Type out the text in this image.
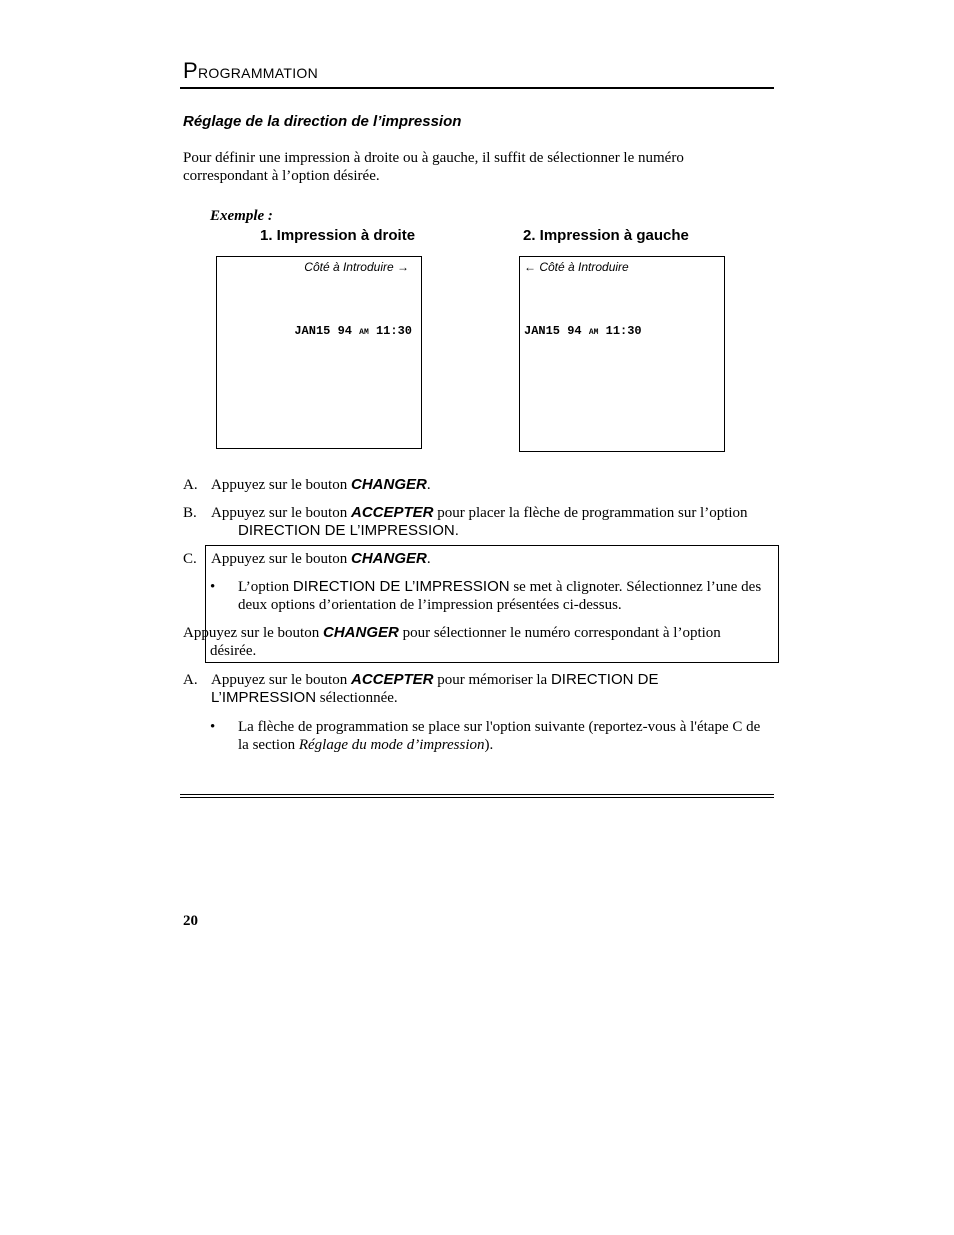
PROGRAMMATION
Réglage de la direction de l’impression
Pour définir une impression à droite ou à gauche, il suffit de sélectionner le numéro correspondant à l’option désirée.
Exemple :
1. Impression à droite	2. Impression à gauche
Côté à Introduire →
JAN15 94 AM 11:30
← Côté à Introduire
JAN15 94 AM 11:30
A. Appuyez sur le bouton CHANGER.
B. Appuyez sur le bouton ACCEPTER pour placer la flèche de programmation sur l’option
DIRECTION DE L’IMPRESSION.
C. Appuyez sur le bouton CHANGER.
• L’option DIRECTION DE L’IMPRESSION se met à clignoter. Sélectionnez l’une des deux options d’orientation de l’impression présentées ci-dessus.
Appuyez sur le bouton CHANGER pour sélectionner le numéro correspondant à l’option
désirée.
A. Appuyez sur le bouton ACCEPTER pour mémoriser la DIRECTION DE L’IMPRESSION sélectionnée.
• La flèche de programmation se place sur l'option suivante (reportez-vous à l'étape C de la section Réglage du mode d’impression).
20
